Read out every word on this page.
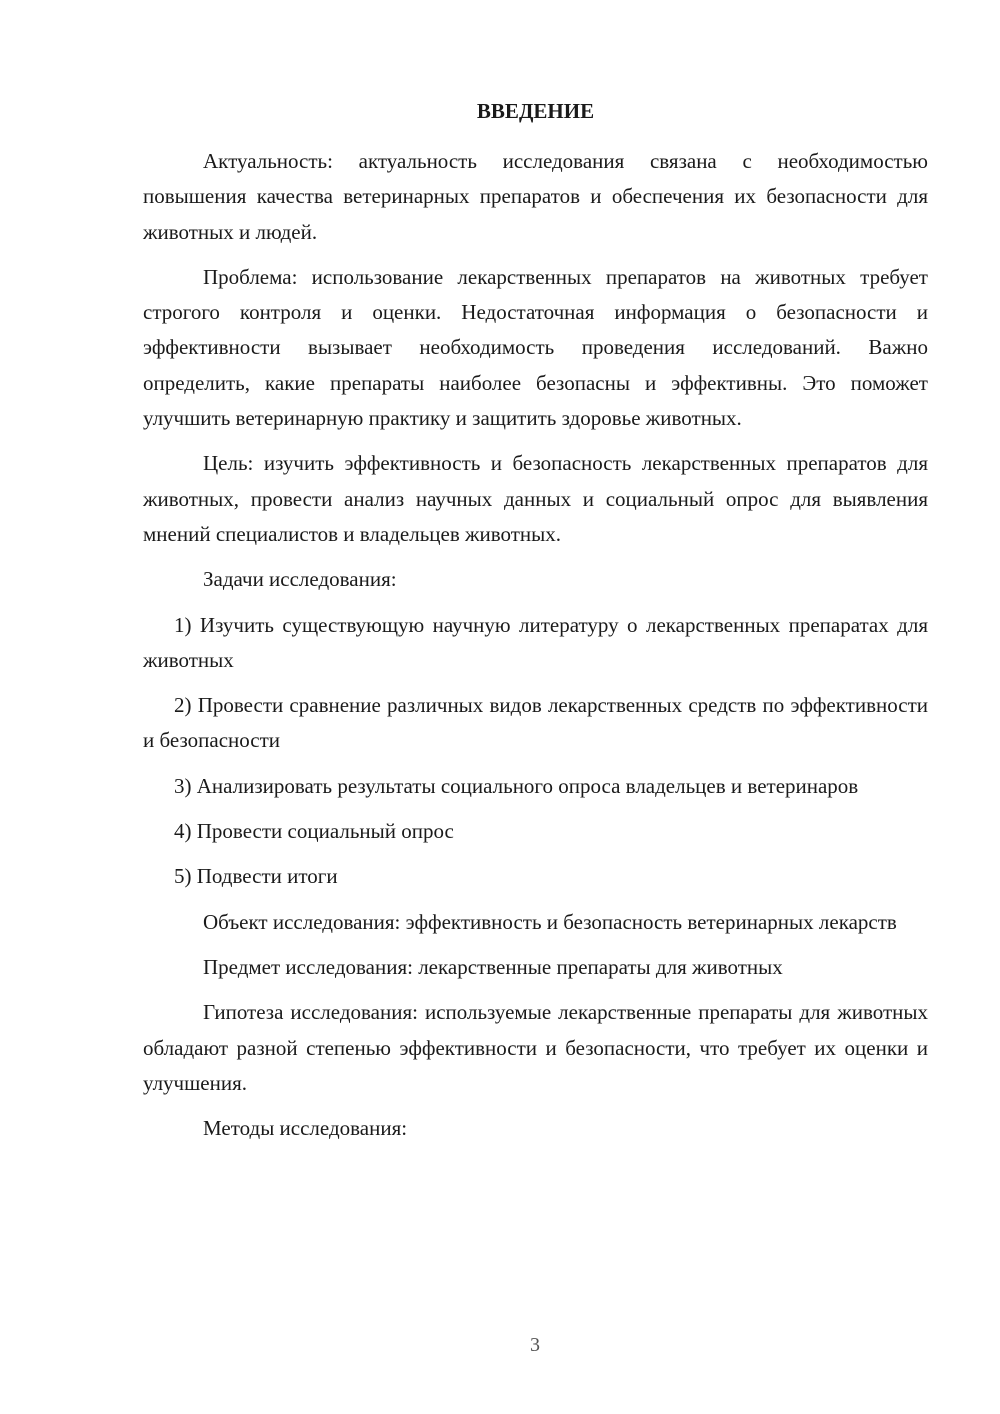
ВВЕДЕНИЕ

Актуальность: актуальность исследования связана с необходимостью повышения качества ветеринарных препаратов и обеспечения их безопасности для животных и людей.

Проблема: использование лекарственных препаратов на животных требует строгого контроля и оценки. Недостаточная информация о безопасности и эффективности вызывает необходимость проведения исследований. Важно определить, какие препараты наиболее безопасны и эффективны. Это поможет улучшить ветеринарную практику и защитить здоровье животных.

Цель: изучить эффективность и безопасность лекарственных препаратов для животных, провести анализ научных данных и социальный опрос для выявления мнений специалистов и владельцев животных.

Задачи исследования:

1) Изучить существующую научную литературу о лекарственных препаратах для животных
2) Провести сравнение различных видов лекарственных средств по эффективности и безопасности
3) Анализировать результаты социального опроса владельцев и ветеринаров
4) Провести социальный опрос
5) Подвести итоги

Объект исследования: эффективность и безопасность ветеринарных лекарств

Предмет исследования: лекарственные препараты для животных

Гипотеза исследования: используемые лекарственные препараты для животных обладают разной степенью эффективности и безопасности, что требует их оценки и улучшения.

Методы исследования:

3
